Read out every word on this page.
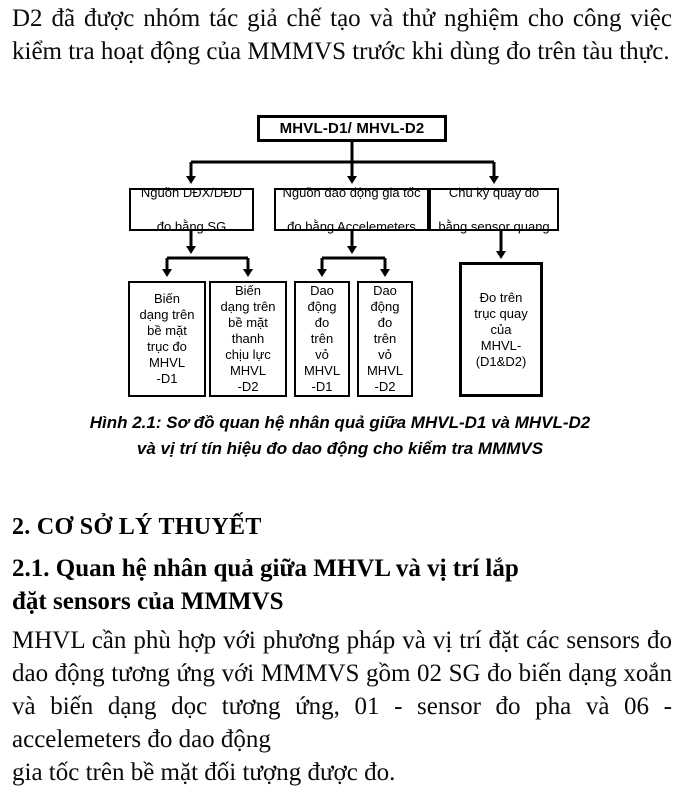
D2 đã được nhóm tác giả chế tạo và thử nghiệm cho công việc kiểm tra hoạt động của MMMVS trước khi dùng đo trên tàu thực.

MHVL-D1/ MHVL-D2
Nguồn DĐX/DĐD

đo bằng SG
Nguồn dao động gia tốc

đo bằng Accelemeters
Chu kỳ quay đo

bằng sensor quang
Biến
dạng trên
bề mặt
trục đo
MHVL
-D1
Biến
dạng trên
bề mặt
thanh
chịu lực
MHVL
-D2
Dao
động
đo
trên
vỏ
MHVL
-D1
Dao
động
đo
trên
vỏ
MHVL
-D2
Đo trên
trục quay
của
MHVL-
(D1&D2)
Hình 2.1: Sơ đồ quan hệ nhân quả giữa MHVL-D1 và MHVL-D2
và vị trí tín hiệu đo dao động cho kiểm tra MMMVS
2. CƠ SỞ LÝ THUYẾT
2.1. Quan hệ nhân quả giữa MHVL và vị trí lắp
đặt sensors của MMMVS

MHVL cần phù hợp với phương pháp và vị trí đặt các sensors đo dao động tương ứng với MMMVS gồm 02 SG đo biến dạng xoắn và biến dạng dọc tương ứng, 01 - sensor đo pha và 06 - accelemeters đo dao động

gia tốc trên bề mặt đối tượng được đo.
